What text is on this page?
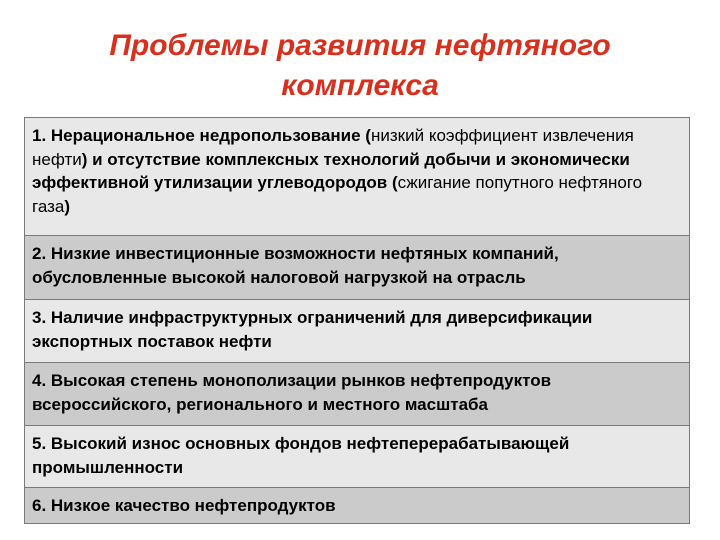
Проблемы развития нефтяного
комплекса
1. Нерациональное недропользование (низкий коэффициент извлечения нефти) и отсутствие комплексных технологий добычи и экономически эффективной утилизации углеводородов (сжигание попутного нефтяного газа)
2. Низкие инвестиционные возможности нефтяных компаний, обусловленные высокой налоговой нагрузкой на отрасль
3. Наличие инфраструктурных ограничений для диверсификации экспортных поставок нефти
4. Высокая степень монополизации рынков нефтепродуктов всероссийского, регионального и местного масштаба
5. Высокий износ основных фондов нефтеперерабатывающей промышленности
6. Низкое качество нефтепродуктов
